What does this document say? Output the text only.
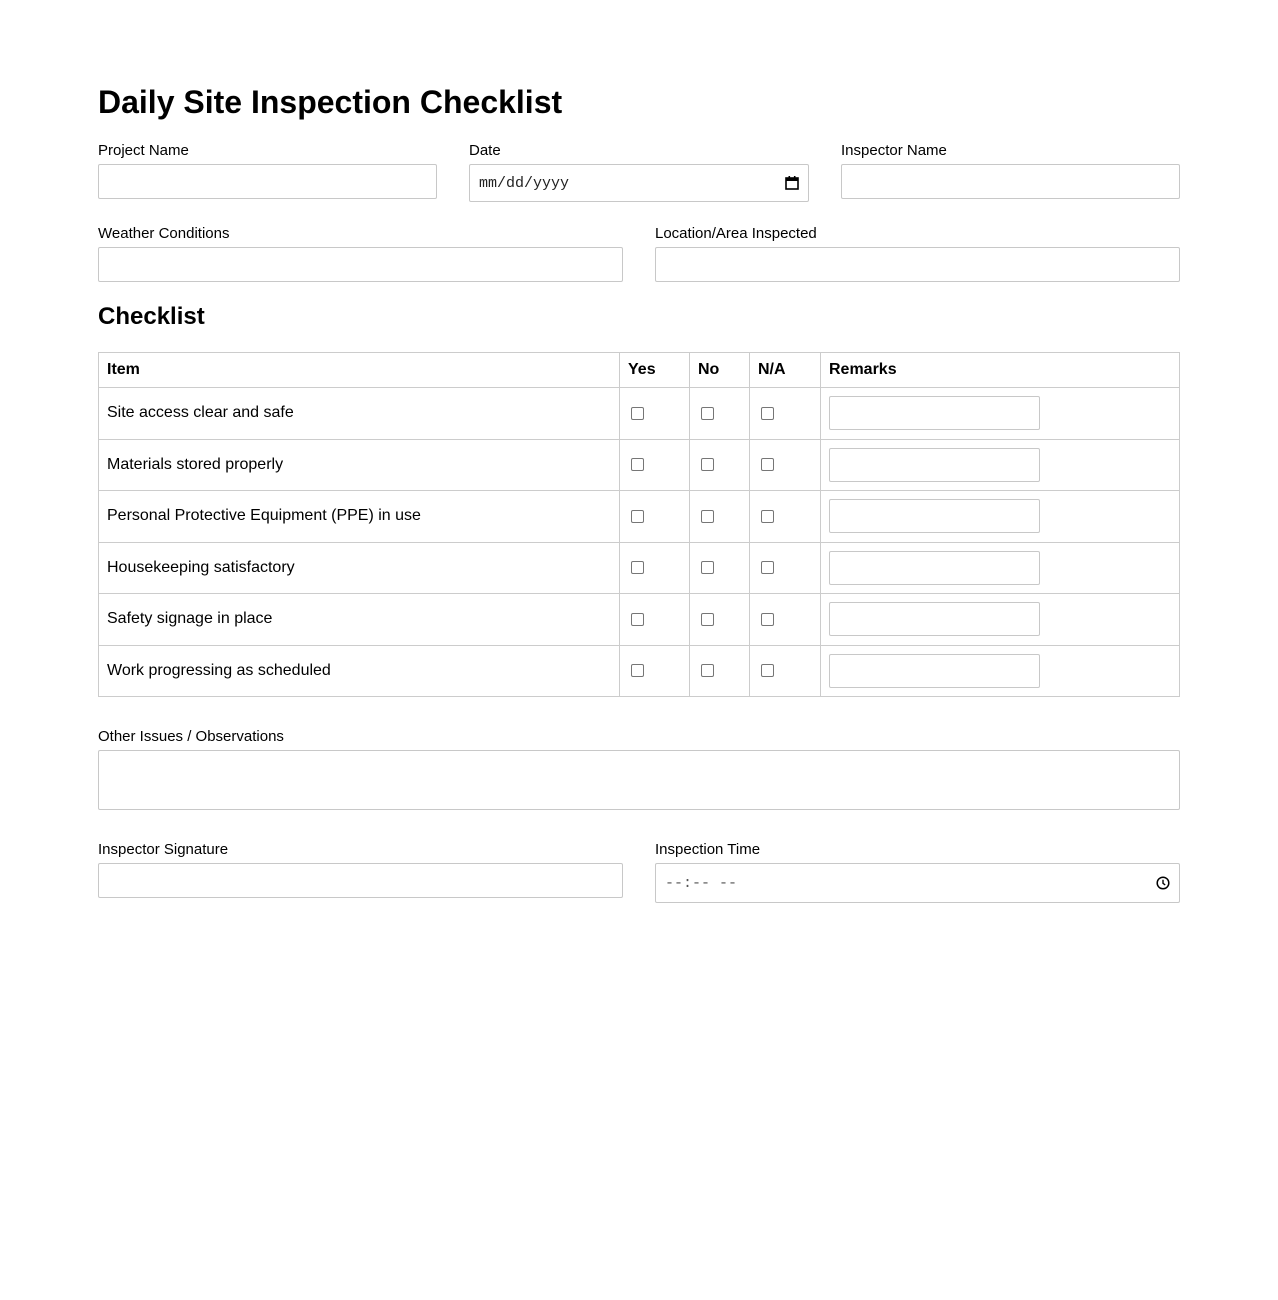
Daily Site Inspection Checklist
Project Name	Date
mm/dd/yyyy
Inspector Name
Weather Conditions	Location/Area Inspected
Checklist
Item	Yes	No	N/A	Remarks
Site access clear and safe	

Materials stored properly	

Personal Protective Equipment (PPE) in use	

Housekeeping satisfactory	

Safety signage in place	

Work progressing as scheduled	

Other Issues / Observations
Inspector Signature	Inspection Time
--:-- --
